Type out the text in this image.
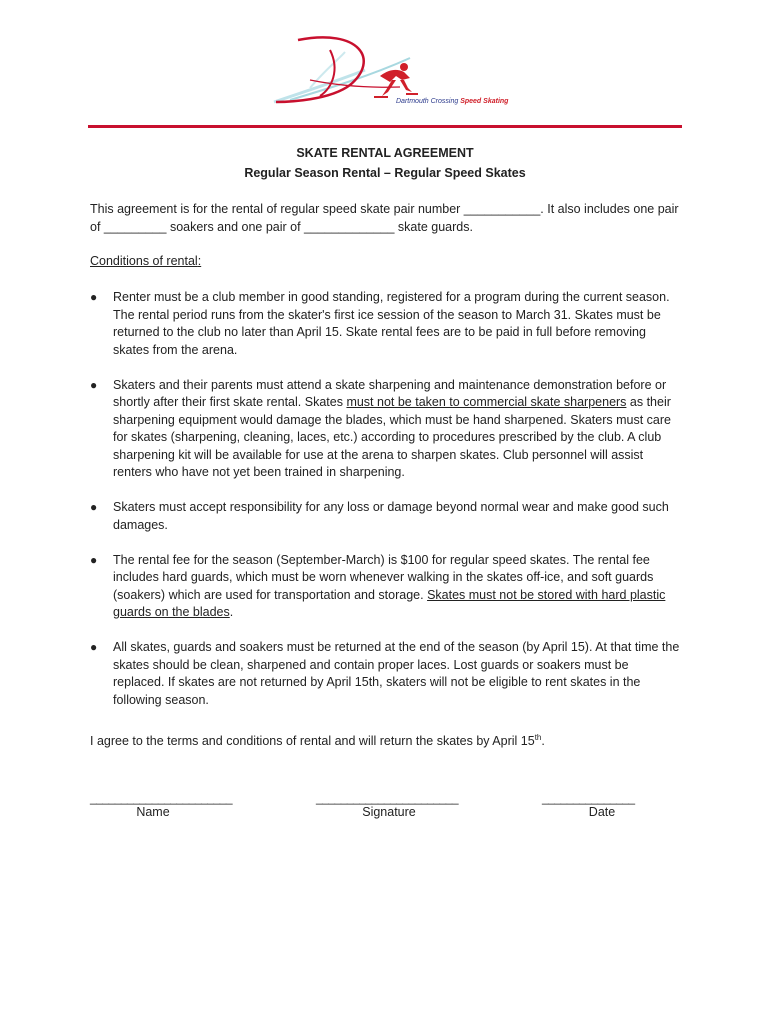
Dartmouth Crossing Speed Skating
SKATE RENTAL AGREEMENT
Regular Season Rental – Regular Speed Skates
This agreement is for the rental of regular speed skate pair number ___________. It also includes one pair of _________ soakers and one pair of _____________ skate guards.
Conditions of rental:
● Renter must be a club member in good standing, registered for a program during the current season. The rental period runs from the skater's first ice session of the season to March 31. Skates must be returned to the club no later than April 15. Skate rental fees are to be paid in full before removing skates from the arena.
● Skaters and their parents must attend a skate sharpening and maintenance demonstration before or shortly after their first skate rental. Skates must not be taken to commercial skate sharpeners as their sharpening equipment would damage the blades, which must be hand sharpened. Skaters must care for skates (sharpening, cleaning, laces, etc.) according to procedures prescribed by the club. A club sharpening kit will be available for use at the arena to sharpen skates. Club personnel will assist renters who have not yet been trained in sharpening.
● Skaters must accept responsibility for any loss or damage beyond normal wear and make good such damages.
● The rental fee for the season (September-March) is $100 for regular speed skates. The rental fee includes hard guards, which must be worn whenever walking in the skates off-ice, and soft guards (soakers) which are used for transportation and storage. Skates must not be stored with hard plastic guards on the blades.
● All skates, guards and soakers must be returned at the end of the season (by April 15). At that time the skates should be clean, sharpened and contain proper laces. Lost guards or soakers must be replaced. If skates are not returned by April 15th, skaters will not be eligible to rent skates in the following season.
I agree to the terms and conditions of rental and will return the skates by April 15th.
_______________________	_______________________	_______________
Name	Signature	Date
